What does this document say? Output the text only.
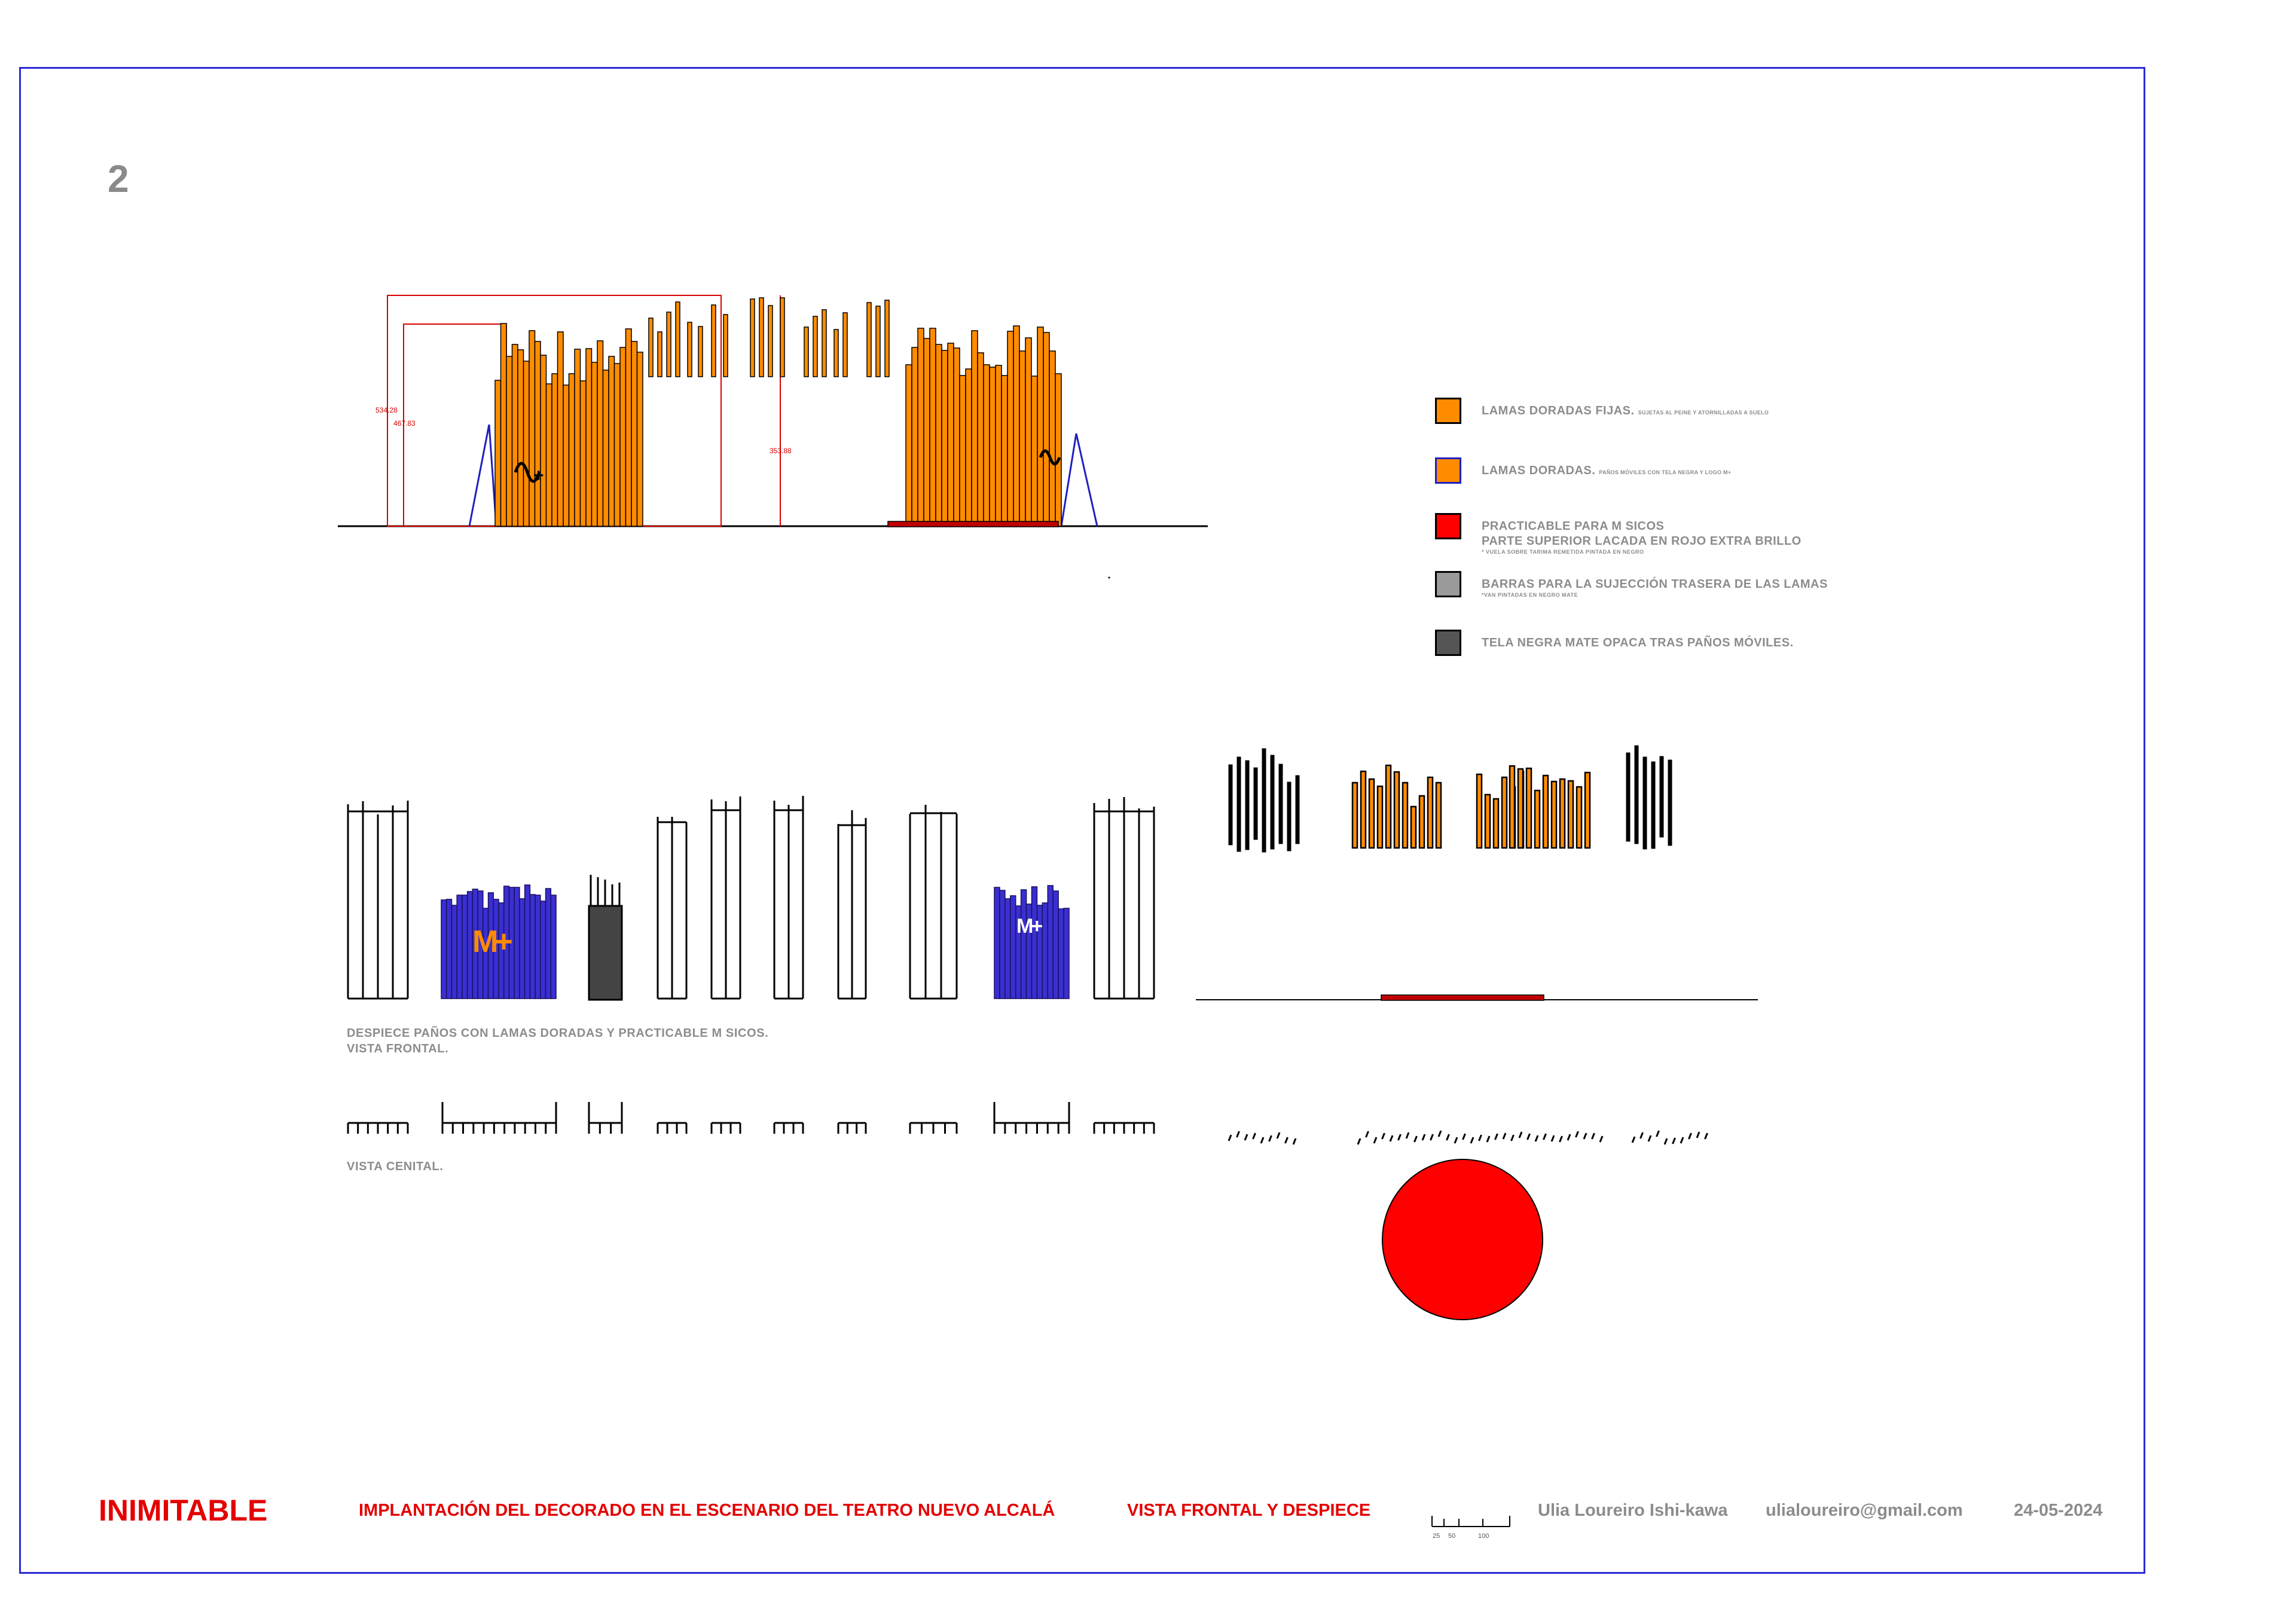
2
534.28
467.83
353.88
+
25 50	100
M+	M+
LAMAS DORADAS FIJAS. SUJETAS AL PEINE Y ATORNILLADAS A SUELO
LAMAS DORADAS. PAÑOS MÓVILES CON TELA NEGRA Y LOGO M+
PRACTICABLE PARA M SICOS
PARTE SUPERIOR LACADA EN ROJO EXTRA BRILLO
* VUELA SOBRE TARIMA REMETIDA PINTADA EN NEGRO
BARRAS PARA LA SUJECCIÓN TRASERA DE LAS LAMAS
*VAN PINTADAS EN NEGRO MATE
TELA NEGRA MATE OPACA TRAS PAÑOS MÓVILES.
DESPIECE PAÑOS CON LAMAS DORADAS Y PRACTICABLE M SICOS.
VISTA FRONTAL.
VISTA CENITAL.
INIMITABLE	IMPLANTACIÓN DEL DECORADO EN EL ESCENARIO DEL TEATRO NUEVO ALCALÁ	VISTA FRONTAL Y DESPIECE	Ulia Loureiro Ishi-kawa ulialoureiro@gmail.com	24-05-2024
